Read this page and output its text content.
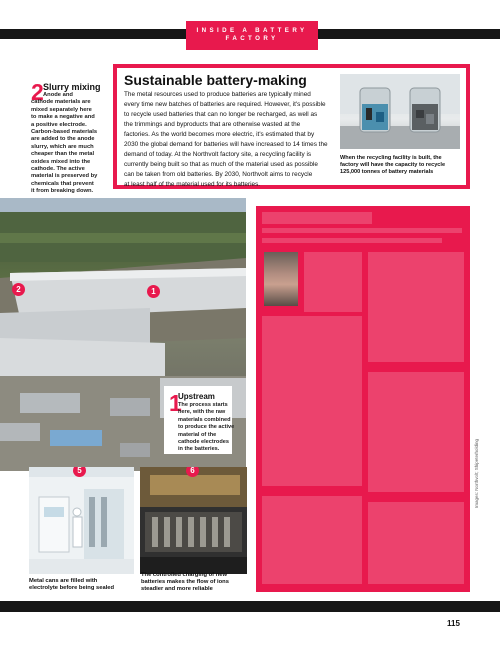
INSIDE A BATTERY
FACTORY
2 Slurry mixing
Anode and
cathode materials are
mixed separately here
to make a negative and
a positive electrode.
Carbon-based materials
are added to the anode
slurry, which are much
cheaper than the metal
oxides mixed into the
cathode. The active
material is preserved by
chemicals that prevent
it from breaking down.
Sustainable battery-making
The metal resources used to produce batteries are typically mined
every time new batches of batteries are required. However, it's possible
to recycle used batteries that can no longer be recharged, as well as
the trimmings and byproducts that are otherwise wasted at the
factories. As the world becomes more electric, it's estimated that by
2030 the global demand for batteries will have increased to 14 times the
demand of today. At the Northvolt factory site, a recycling facility is
currently being built so that as much of the material used as possible
can be taken from old batteries. By 2030, Northvolt aims to recycle
at least half of the material used for its batteries.
When the recycling facility is built, the
factory will have the capacity to recycle
125,000 tonnes of battery materials
2	1
1
Upstream
The process starts
here, with the raw
materials combined
to produce the active
material of the
cathode electrodes
in the batteries.
5
Metal cans are filled with
electrolyte before being sealed
6
The controlled charging of new
batteries makes the flow of ions
steadier and more reliable
Images: Northvolt; Shipeterholding
115
